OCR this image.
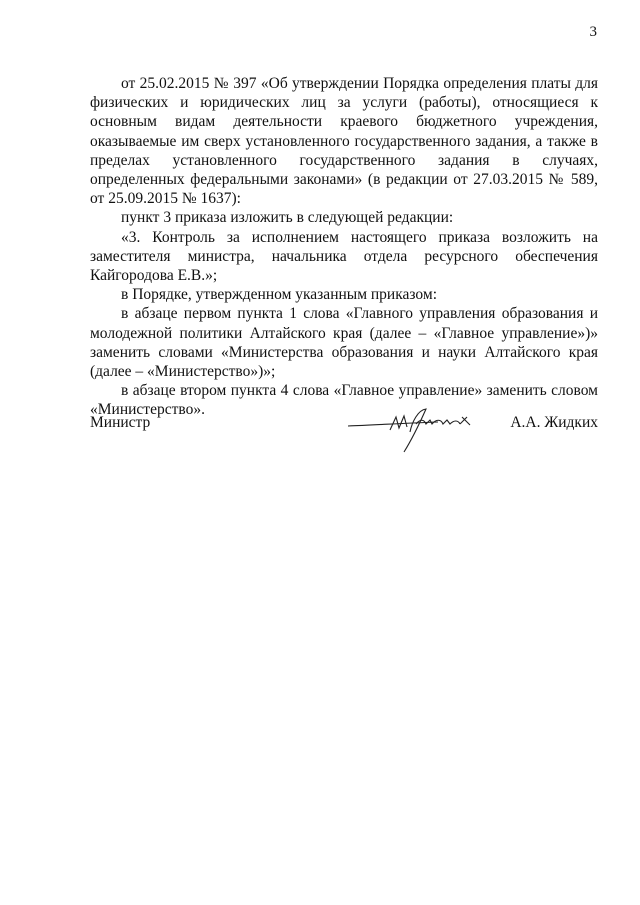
3

от 25.02.2015 № 397 «Об утверждении Порядка определения платы для физических и юридических лиц за услуги (работы), относящиеся к основным видам деятельности краевого бюджетного учреждения, оказываемые им сверх установленного государственного задания, а также в пределах установленного государственного задания в случаях, определенных федеральными законами» (в редакции от 27.03.2015 № 589, от 25.09.2015 № 1637):

пункт 3 приказа изложить в следующей редакции:

«3. Контроль за исполнением настоящего приказа возложить на заместителя министра, начальника отдела ресурсного обеспечения Кайгородова Е.В.»;

в Порядке, утвержденном указанным приказом:

в абзаце первом пункта 1 слова «Главного управления образования и молодежной политики Алтайского края (далее – «Главное управление»)» заменить словами «Министерства образования и науки Алтайского края (далее – «Министерство»)»;

в абзаце втором пункта 4 слова «Главное управление» заменить словом «Министерство».

Министр	А.А. Жидких
